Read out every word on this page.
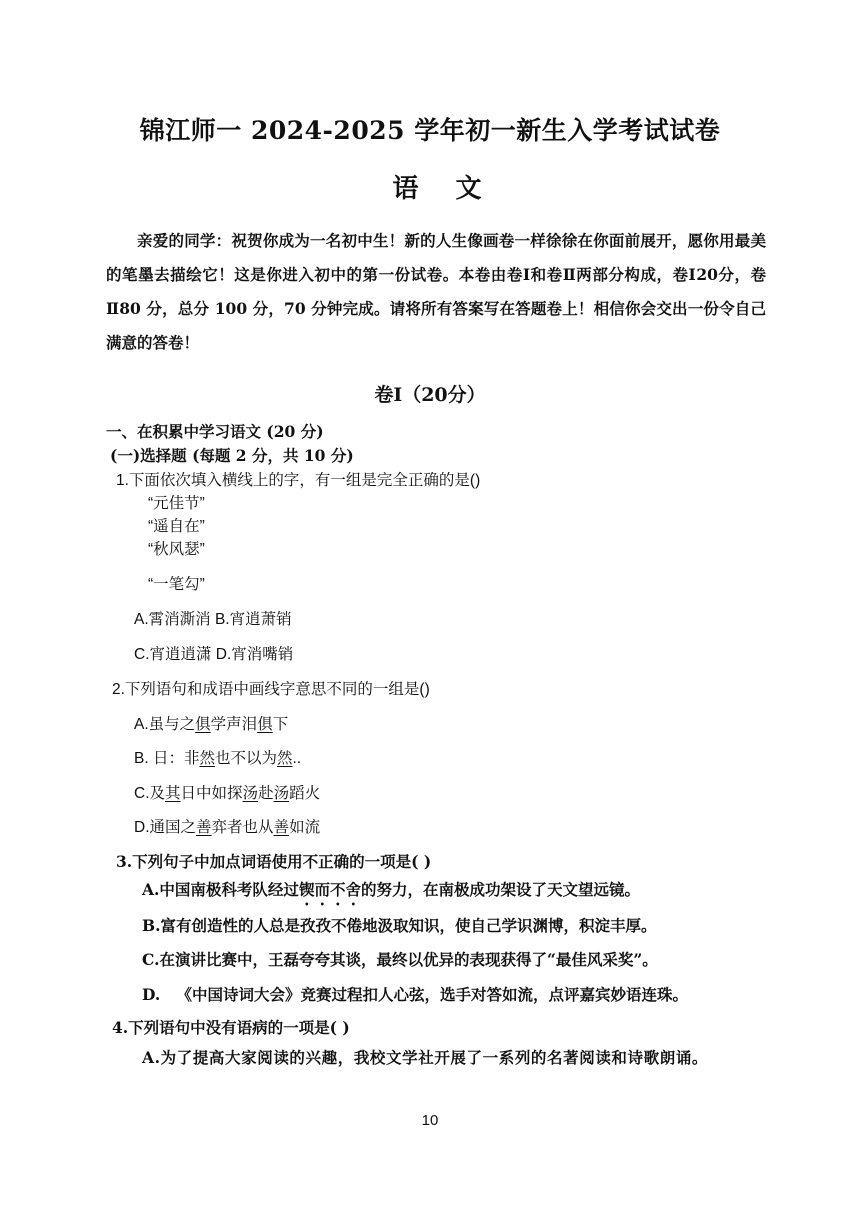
锦江师一 2024-2025 学年初一新生入学考试试卷
语 文

亲爱的同学：祝贺你成为一名初中生！新的人生像画卷一样徐徐在你面前展开，愿你用最美的笔墨去描绘它！这是你进入初中的第一份试卷。本卷由卷Ⅰ和卷Ⅱ两部分构成，卷Ⅰ20分，卷Ⅱ80 分，总分 100 分，70 分钟完成。请将所有答案写在答题卷上！相信你会交出一份令自己满意的答卷！

卷Ⅰ（20分）
一、在积累中学习语文 (20 分)
(一)选择题 (每题 2 分，共 10 分)
1.下面依次填入横线上的字，有一组是完全正确的是()
“元佳节”
“遥自在”
“秋风瑟”
“一笔勾”
A.霄消澌消 B.宵逍萧销
C.宵逍逍潇 D.宵消嘴销
2.下列语句和成语中画线字意思不同的一组是()
A.虽与之俱学声泪俱下
B. 日：非然也不以为然..
C.及其日中如探汤赴汤蹈火
D.通国之善弈者也从善如流
3.下列句子中加点词语使用不正确的一项是( )
A.中国南极科考队经过锲而不舍的努力，在南极成功架设了天文望远镜。
B.富有创造性的人总是孜孜不倦地汲取知识，使自己学识渊博，积淀丰厚。
C.在演讲比赛中，王磊夸夸其谈，最终以优异的表现获得了“最佳风采奖”。
D.   《中国诗词大会》竞赛过程扣人心弦，选手对答如流，点评嘉宾妙语连珠。
4.下列语句中没有语病的一项是( )
A.为了提高大家阅读的兴趣，我校文学社开展了一系列的名著阅读和诗歌朗诵。
10
